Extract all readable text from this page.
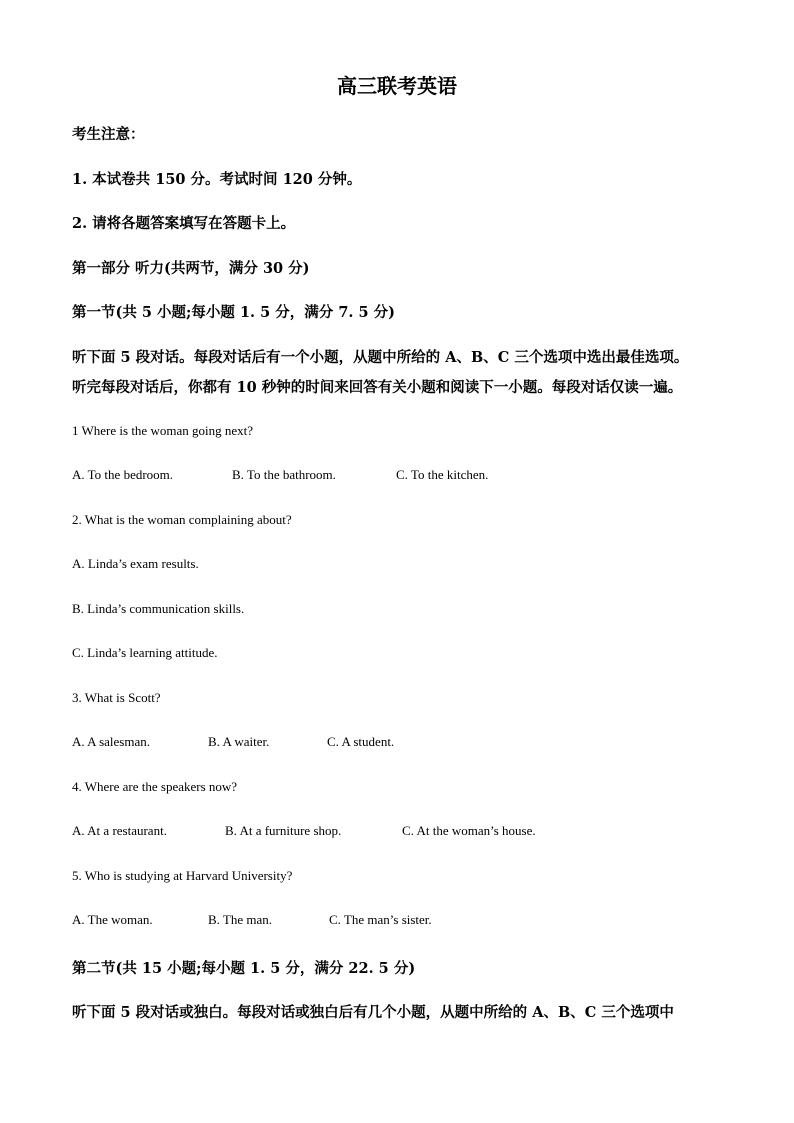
高三联考英语
考生注意：
1. 本试卷共 150 分。考试时间 120 分钟。
2. 请将各题答案填写在答题卡上。
第一部分 听力(共两节，满分 30 分)
第一节(共 5 小题;每小题 1. 5 分，满分 7. 5 分)
听下面 5 段对话。每段对话后有一个小题，从题中所给的 A、B、C 三个选项中选出最佳选项。
听完每段对话后，你都有 10 秒钟的时间来回答有关小题和阅读下一小题。每段对话仅读一遍。
1 Where is the woman going next?
A. To the bedroom.	B. To the bathroom.	C. To the kitchen.
2. What is the woman complaining about?
A. Linda’s exam results.
B. Linda’s communication skills.
C. Linda’s learning attitude.
3. What is Scott?
A. A salesman.	B. A waiter.	C. A student.
4. Where are the speakers now?
A. At a restaurant.	B. At a furniture shop.	C. At the woman’s house.
5. Who is studying at Harvard University?
A. The woman.	B. The man.	C. The man’s sister.
第二节(共 15 小题;每小题 1. 5 分，满分 22. 5 分)
听下面 5 段对话或独白。每段对话或独白后有几个小题，从题中所给的 A、B、C 三个选项中
